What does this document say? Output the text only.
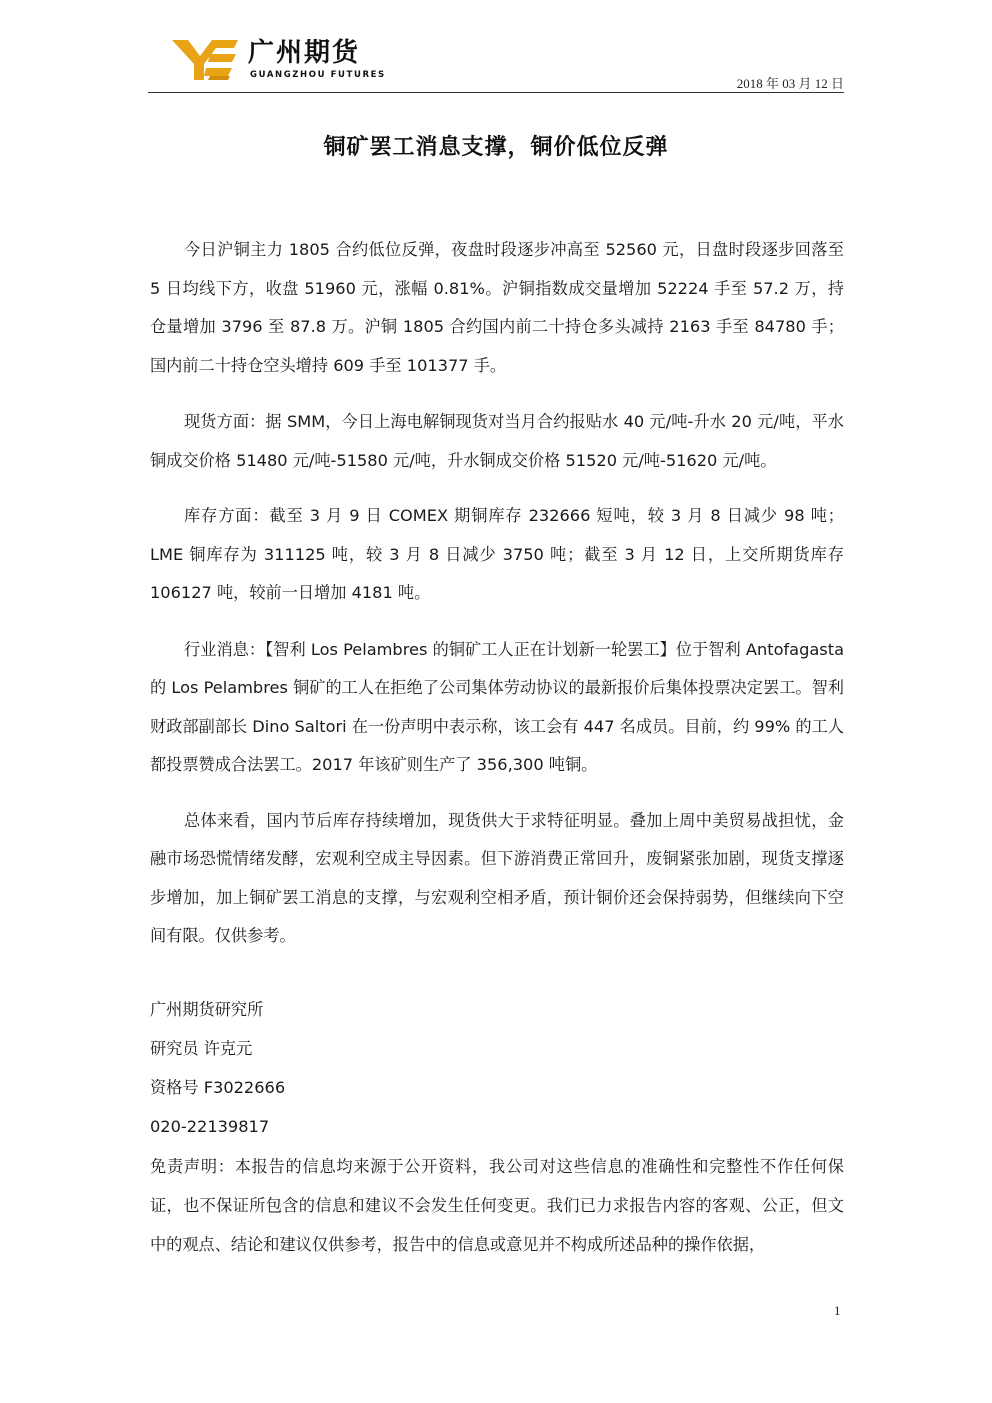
广州期货
GUANGZHOU FUTURES
2018 年 03 月 12 日
铜矿罢工消息支撑，铜价低位反弹

今日沪铜主力 1805 合约低位反弹，夜盘时段逐步冲高至 52560 元，日盘时段逐步回落至 5 日均线下方，收盘 51960 元，涨幅 0.81%。沪铜指数成交量增加 52224 手至 57.2 万，持仓量增加 3796 至 87.8 万。沪铜 1805 合约国内前二十持仓多头减持 2163 手至 84780 手；国内前二十持仓空头增持 609 手至 101377 手。

现货方面：据 SMM，今日上海电解铜现货对当月合约报贴水 40 元/吨-升水 20 元/吨，平水铜成交价格 51480 元/吨-51580 元/吨，升水铜成交价格 51520 元/吨-51620 元/吨。

库存方面：截至 3 月 9 日 COMEX 期铜库存 232666 短吨，较 3 月 8 日减少 98 吨；LME 铜库存为 311125 吨，较 3 月 8 日减少 3750 吨；截至 3 月 12 日，上交所期货库存 106127 吨，较前一日增加 4181 吨。

行业消息：【智利 Los Pelambres 的铜矿工人正在计划新一轮罢工】位于智利 Antofagasta 的 Los Pelambres 铜矿的工人在拒绝了公司集体劳动协议的最新报价后集体投票决定罢工。智利财政部副部长 Dino Saltori 在一份声明中表示称，该工会有 447 名成员。目前，约 99% 的工人都投票赞成合法罢工。2017 年该矿则生产了 356,300 吨铜。

总体来看，国内节后库存持续增加，现货供大于求特征明显。叠加上周中美贸易战担忧，金融市场恐慌情绪发酵，宏观利空成主导因素。但下游消费正常回升，废铜紧张加剧，现货支撑逐步增加，加上铜矿罢工消息的支撑，与宏观利空相矛盾，预计铜价还会保持弱势，但继续向下空间有限。仅供参考。

广州期货研究所
研究员 许克元
资格号 F3022666
020-22139817
免责声明：本报告的信息均来源于公开资料，我公司对这些信息的准确性和完整性不作任何保证，也不保证所包含的信息和建议不会发生任何变更。我们已力求报告内容的客观、公正，但文中的观点、结论和建议仅供参考，报告中的信息或意见并不构成所述品种的操作依据，
1
